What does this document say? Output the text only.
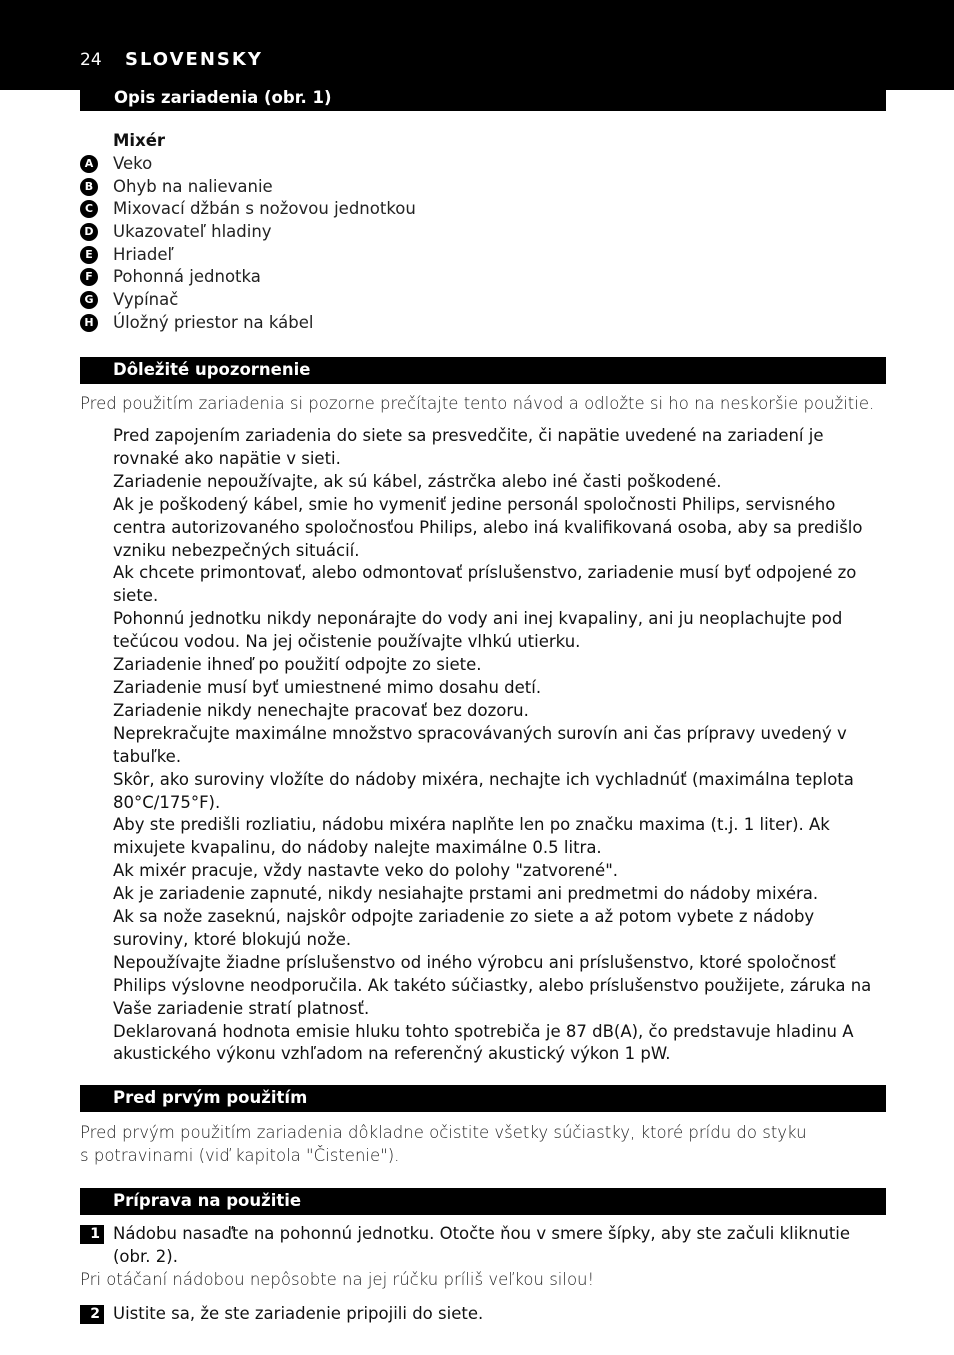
24 SLOVENSKY
Opis zariadenia (obr. 1)
Mixér
A Veko
B Ohyb na nalievanie
C	Mixovací džbán s nožovou jednotkou
D Ukazovateľ hladiny
E	Hriadeľ
F	Pohonná jednotka
G Vypínač
H Úložný priestor na kábel
Dôležité upozornenie
Pred použitím zariadenia si pozorne prečítajte tento návod a odložte si ho na neskoršie použitie.
Pred zapojením zariadenia do siete sa presvedčite, či napätie uvedené na zariadení je rovnaké ako napätie v sieti.
Zariadenie nepoužívajte, ak sú kábel, zástrčka alebo iné časti poškodené.
Ak je poškodený kábel, smie ho vymeniť jedine personál spoločnosti Philips, servisného centra autorizovaného spoločnosťou Philips, alebo iná kvalifikovaná osoba, aby sa predišlo vzniku nebezpečných situácií.
Ak chcete primontovať, alebo odmontovať príslušenstvo, zariadenie musí byť odpojené zo siete.
Pohonnú jednotku nikdy neponárajte do vody ani inej kvapaliny, ani ju neoplachujte pod tečúcou vodou. Na jej očistenie používajte vlhkú utierku.
Zariadenie ihneď po použití odpojte zo siete.
Zariadenie musí byť umiestnené mimo dosahu detí.
Zariadenie nikdy nenechajte pracovať bez dozoru.
Neprekračujte maximálne množstvo spracovávaných surovín ani čas prípravy uvedený v tabuľke.
Skôr, ako suroviny vložíte do nádoby mixéra, nechajte ich vychladnúť (maximálna teplota 80°C/175°F).
Aby ste predišli rozliatiu, nádobu mixéra naplňte len po značku maxima (t.j. 1 liter). Ak mixujete kvapalinu, do nádoby nalejte maximálne 0.5 litra.
Ak mixér pracuje, vždy nastavte veko do polohy "zatvorené".
Ak je zariadenie zapnuté, nikdy nesiahajte prstami ani predmetmi do nádoby mixéra.
Ak sa nože zaseknú, najskôr odpojte zariadenie zo siete a až potom vybete z nádoby suroviny, ktoré blokujú nože.
Nepoužívajte žiadne príslušenstvo od iného výrobcu ani príslušenstvo, ktoré spoločnosť Philips výslovne neodporučila. Ak takéto súčiastky, alebo príslušenstvo použijete, záruka na Vaše zariadenie stratí platnosť.
Deklarovaná hodnota emisie hluku tohto spotrebiča je 87 dB(A), čo predstavuje hladinu A akustického výkonu vzhľadom na referenčný akustický výkon 1 pW.
Pred prvým použitím
Pred prvým použitím zariadenia dôkladne očistite všetky súčiastky, ktoré prídu do styku s potravinami (viď kapitola "Čistenie").
Príprava na použitie
1 Nádobu nasaďte na pohonnú jednotku. Otočte ňou v smere šípky, aby ste začuli kliknutie (obr. 2).
Pri otáčaní nádobou nepôsobte na jej rúčku príliš veľkou silou!
2 Uistite sa, že ste zariadenie pripojili do siete.
